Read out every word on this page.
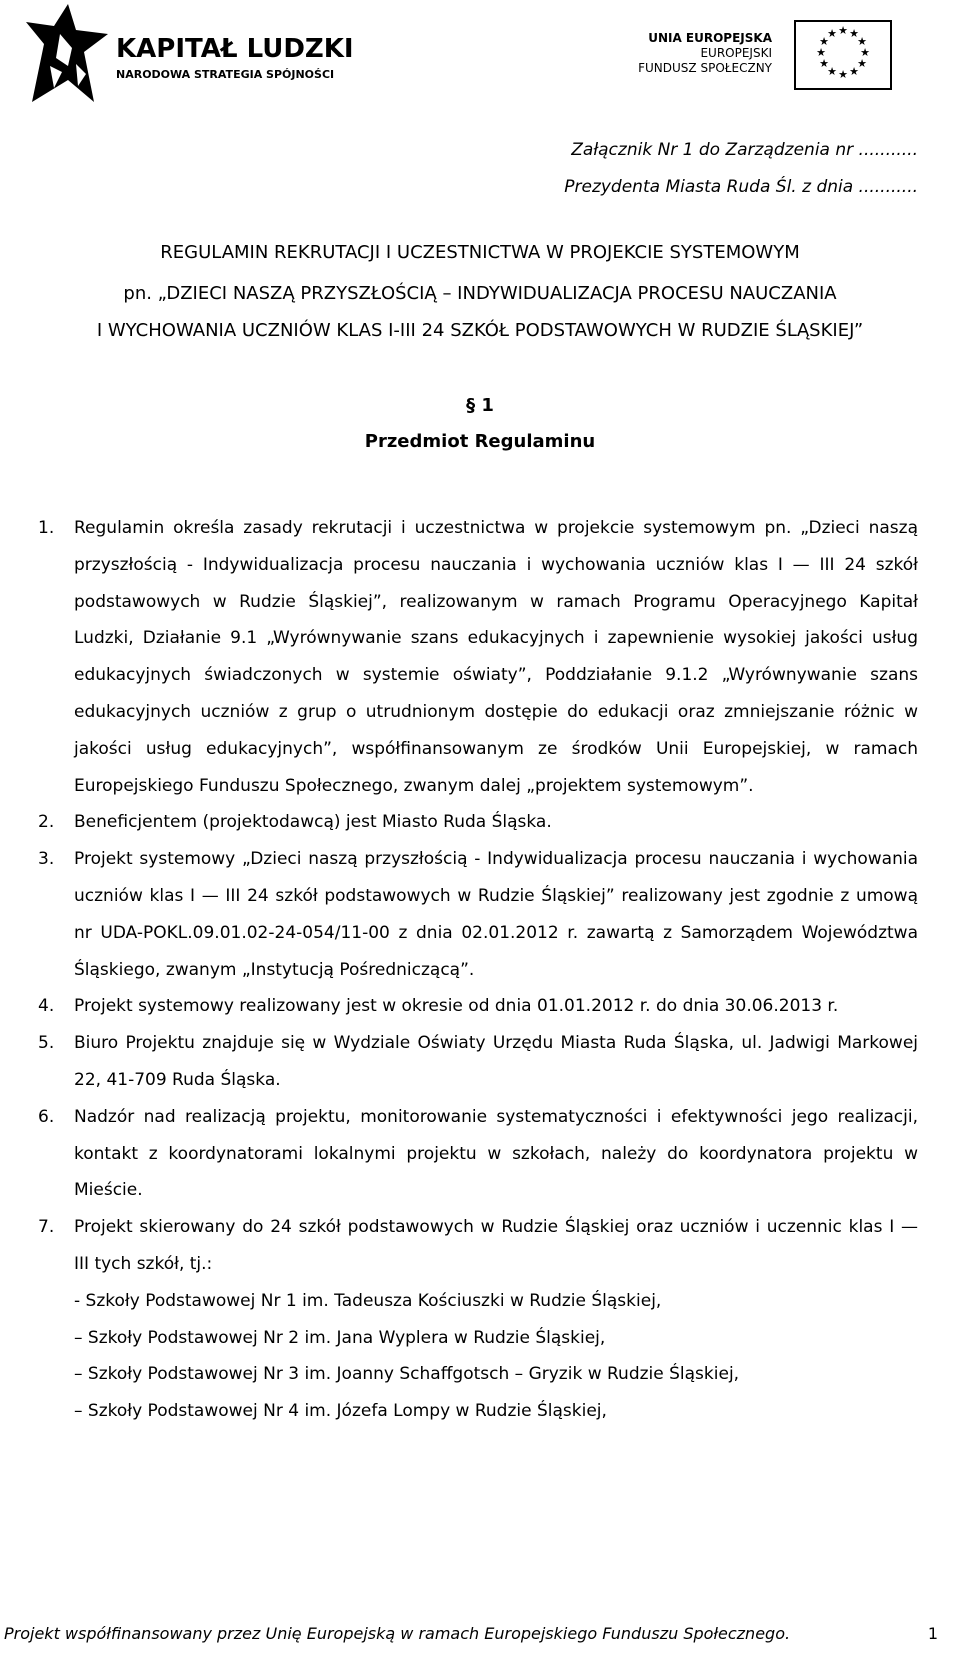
KAPITAŁ LUDZKI
NARODOWA STRATEGIA SPÓJNOŚCI
UNIA EUROPEJSKA
EUROPEJSKI
FUNDUSZ SPOŁECZNY
★ ★
★
★
★
★
★
★
★
★
★
★
Załącznik Nr 1 do Zarządzenia nr ...........
Prezydenta Miasta Ruda Śl. z dnia ...........
REGULAMIN REKRUTACJI I UCZESTNICTWA W PROJEKCIE SYSTEMOWYM
pn. „DZIECI NASZĄ PRZYSZŁOŚCIĄ – INDYWIDUALIZACJA PROCESU NAUCZANIA
I WYCHOWANIA UCZNIÓW KLAS I-III 24 SZKÓŁ PODSTAWOWYCH W RUDZIE ŚLĄSKIEJ”
§ 1
Przedmiot Regulaminu
1. Regulamin określa zasady rekrutacji i uczestnictwa w projekcie systemowym pn. „Dzieci naszą przyszłością - Indywidualizacja procesu nauczania i wychowania uczniów klas I — III 24 szkół podstawowych w Rudzie Śląskiej”, realizowanym w ramach Programu Operacyjnego Kapitał Ludzki, Działanie 9.1 „Wyrównywanie szans edukacyjnych i zapewnienie wysokiej jakości usług edukacyjnych świadczonych w systemie oświaty”, Poddziałanie 9.1.2 „Wyrównywanie szans edukacyjnych uczniów z grup o utrudnionym dostępie do edukacji oraz zmniejszanie różnic w jakości usług edukacyjnych”, współfinansowanym ze środków Unii Europejskiej, w ramach Europejskiego Funduszu Społecznego, zwanym dalej „projektem systemowym”.
2. Beneficjentem (projektodawcą) jest Miasto Ruda Śląska.
3. Projekt systemowy „Dzieci naszą przyszłością - Indywidualizacja procesu nauczania i wychowania uczniów klas I — III 24 szkół podstawowych w Rudzie Śląskiej” realizowany jest zgodnie z umową nr UDA-POKL.09.01.02-24-054/11-00 z dnia 02.01.2012 r. zawartą z Samorządem Województwa Śląskiego, zwanym „Instytucją Pośredniczącą”.
4. Projekt systemowy realizowany jest w okresie od dnia 01.01.2012 r. do dnia 30.06.2013 r.
5. Biuro Projektu znajduje się w Wydziale Oświaty Urzędu Miasta Ruda Śląska, ul. Jadwigi Markowej 22, 41-709 Ruda Śląska.
6. Nadzór nad realizacją projektu, monitorowanie systematyczności i efektywności jego realizacji, kontakt z koordynatorami lokalnymi projektu w szkołach, należy do koordynatora projektu w Mieście.
7. Projekt skierowany do 24 szkół podstawowych w Rudzie Śląskiej oraz uczniów i uczennic klas I — III tych szkół, tj.:
- Szkoły Podstawowej Nr 1 im. Tadeusza Kościuszki w Rudzie Śląskiej,
– Szkoły Podstawowej Nr 2 im. Jana Wyplera w Rudzie Śląskiej,
– Szkoły Podstawowej Nr 3 im. Joanny Schaffgotsch – Gryzik w Rudzie Śląskiej,
– Szkoły Podstawowej Nr 4 im. Józefa Lompy w Rudzie Śląskiej,
Projekt współfinansowany przez Unię Europejską w ramach Europejskiego Funduszu Społecznego.	1
